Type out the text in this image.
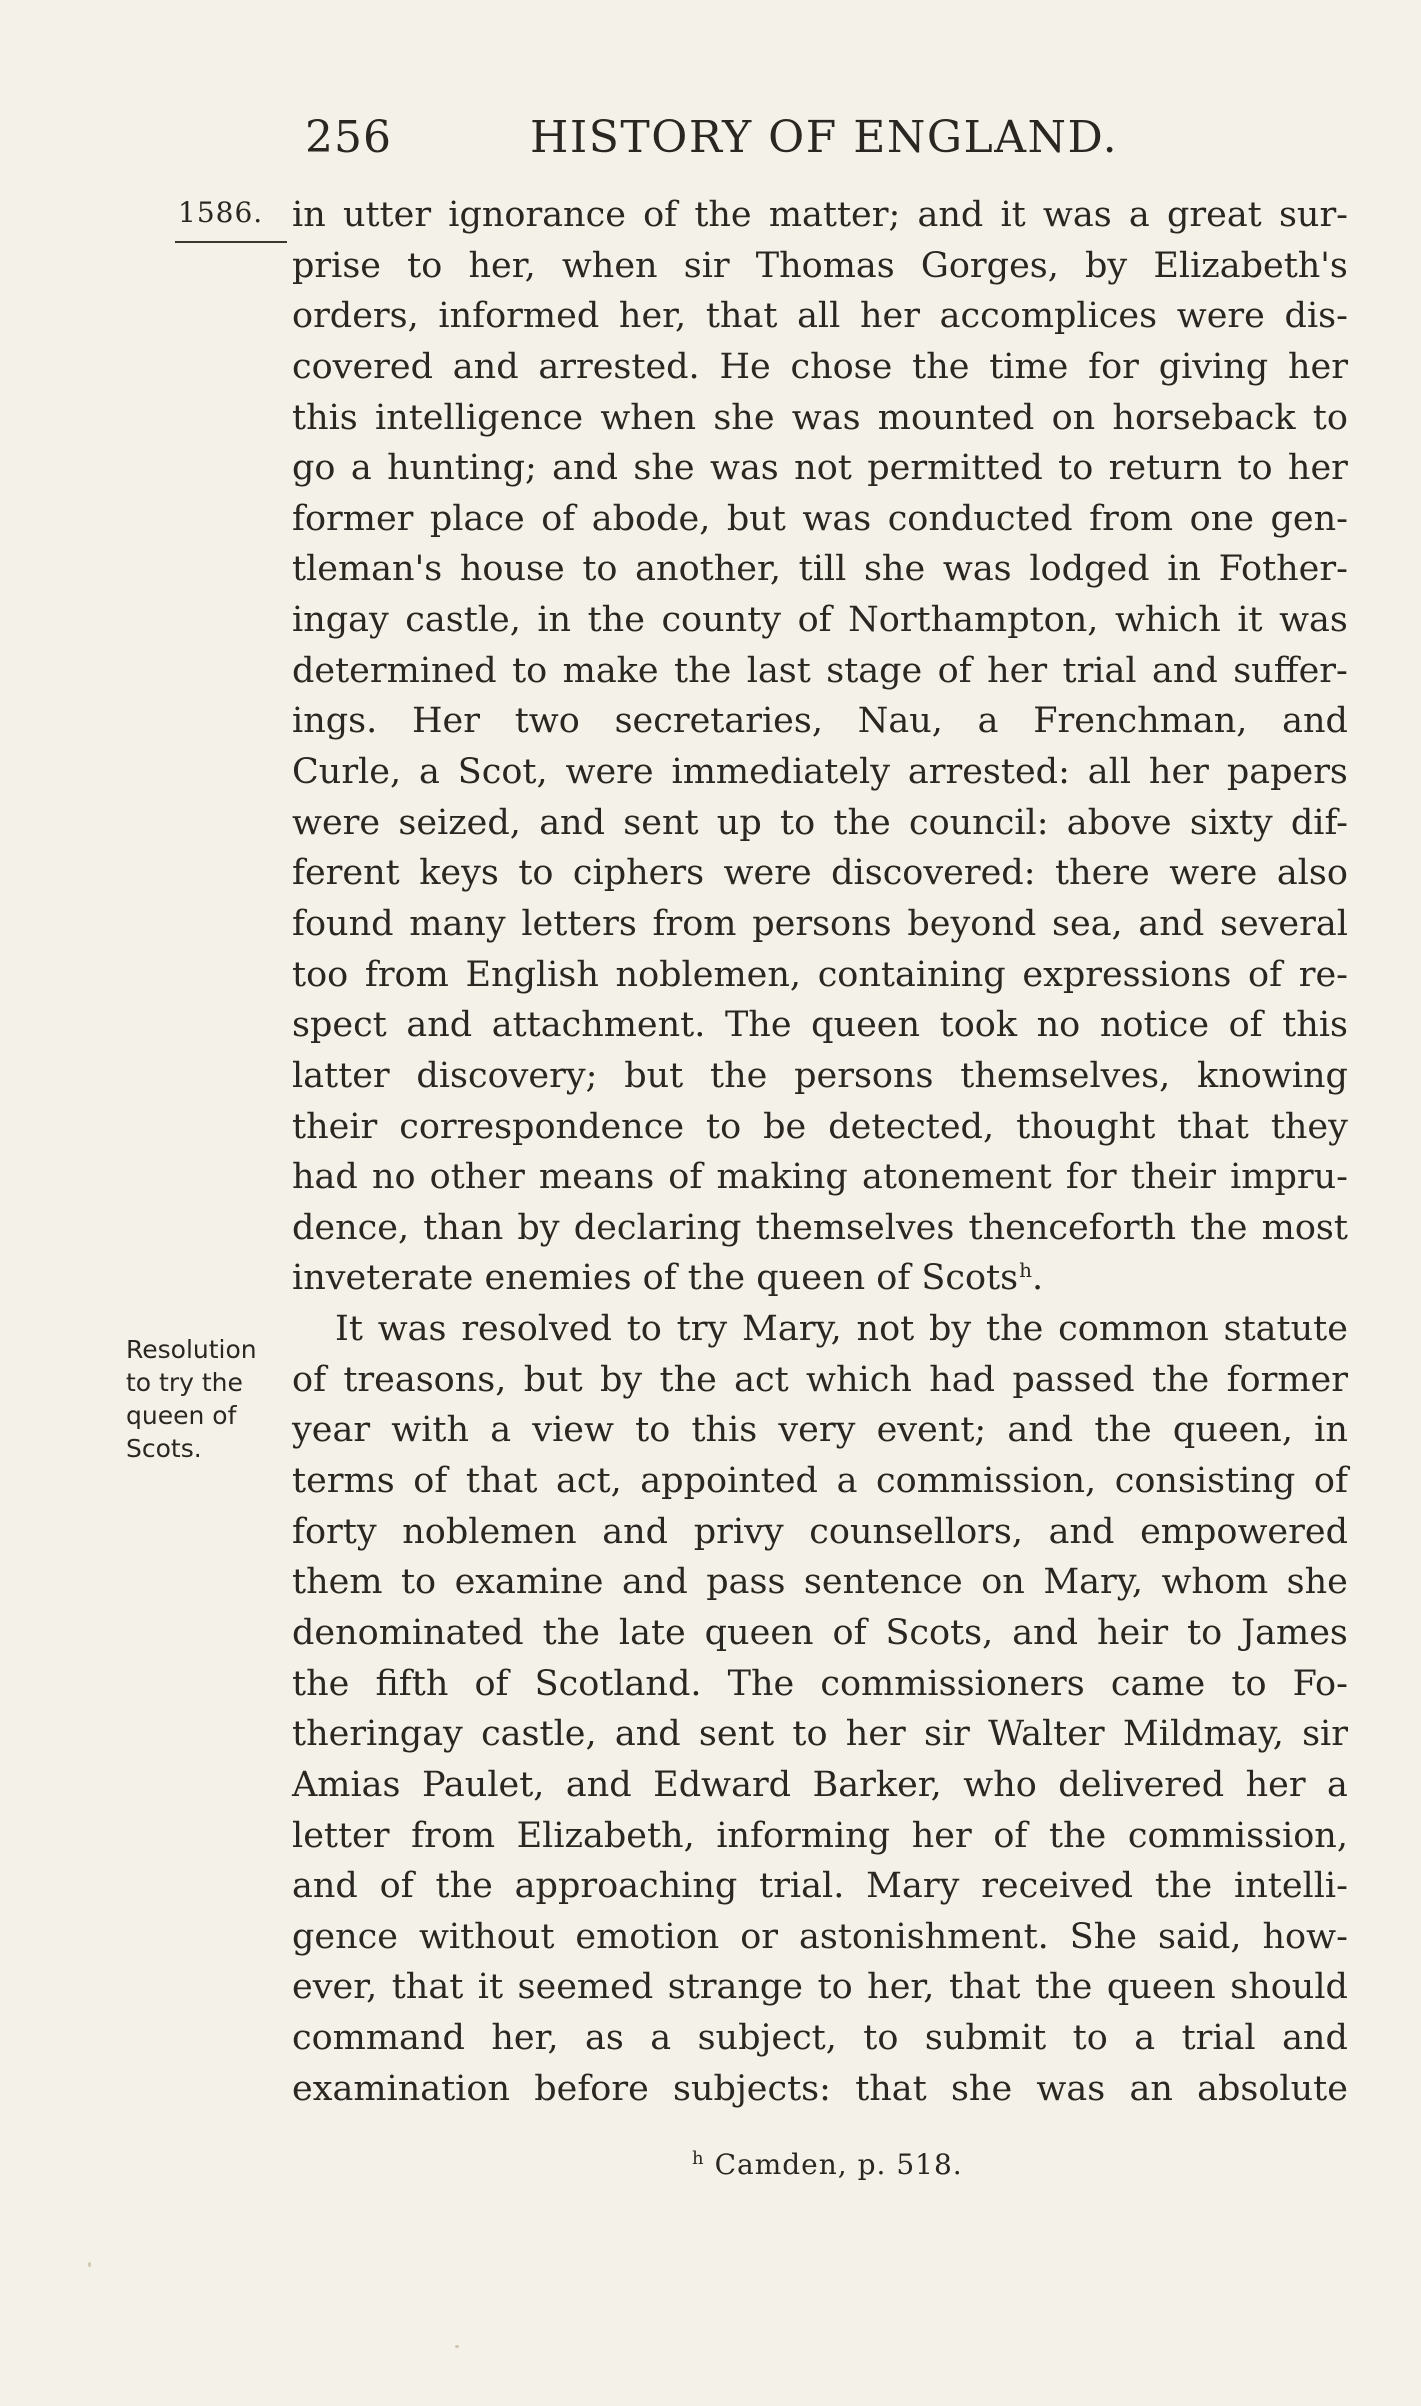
256	HISTORY OF ENGLAND.
1586.
Resolution
to try the
queen of
Scots.
in utter ignorance of the matter; and it was a great sur-
prise to her, when sir Thomas Gorges, by Elizabeth's
orders, informed her, that all her accomplices were dis-
covered and arrested. He chose the time for giving her
this intelligence when she was mounted on horseback to
go a hunting; and she was not permitted to return to her
former place of abode, but was conducted from one gen-
tleman's house to another, till she was lodged in Fother-
ingay castle, in the county of Northampton, which it was
determined to make the last stage of her trial and suffer-
ings. Her two secretaries, Nau, a Frenchman, and
Curle, a Scot, were immediately arrested: all her papers
were seized, and sent up to the council: above sixty dif-
ferent keys to ciphers were discovered: there were also
found many letters from persons beyond sea, and several
too from English noblemen, containing expressions of re-
spect and attachment. The queen took no notice of this
latter discovery; but the persons themselves, knowing
their correspondence to be detected, thought that they
had no other means of making atonement for their impru-
dence, than by declaring themselves thenceforth the most
inveterate enemies of the queen of Scots$^h$.
It was resolved to try Mary, not by the common statute
of treasons, but by the act which had passed the former
year with a view to this very event; and the queen, in
terms of that act, appointed a commission, consisting of
forty noblemen and privy counsellors, and empowered
them to examine and pass sentence on Mary, whom she
denominated the late queen of Scots, and heir to James
the fifth of Scotland. The commissioners came to Fo-
theringay castle, and sent to her sir Walter Mildmay, sir
Amias Paulet, and Edward Barker, who delivered her a
letter from Elizabeth, informing her of the commission,
and of the approaching trial. Mary received the intelli-
gence without emotion or astonishment. She said, how-
ever, that it seemed strange to her, that the queen should
command her, as a subject, to submit to a trial and
examination before subjects: that she was an absolute
$^h$ Camden, p. 518.
